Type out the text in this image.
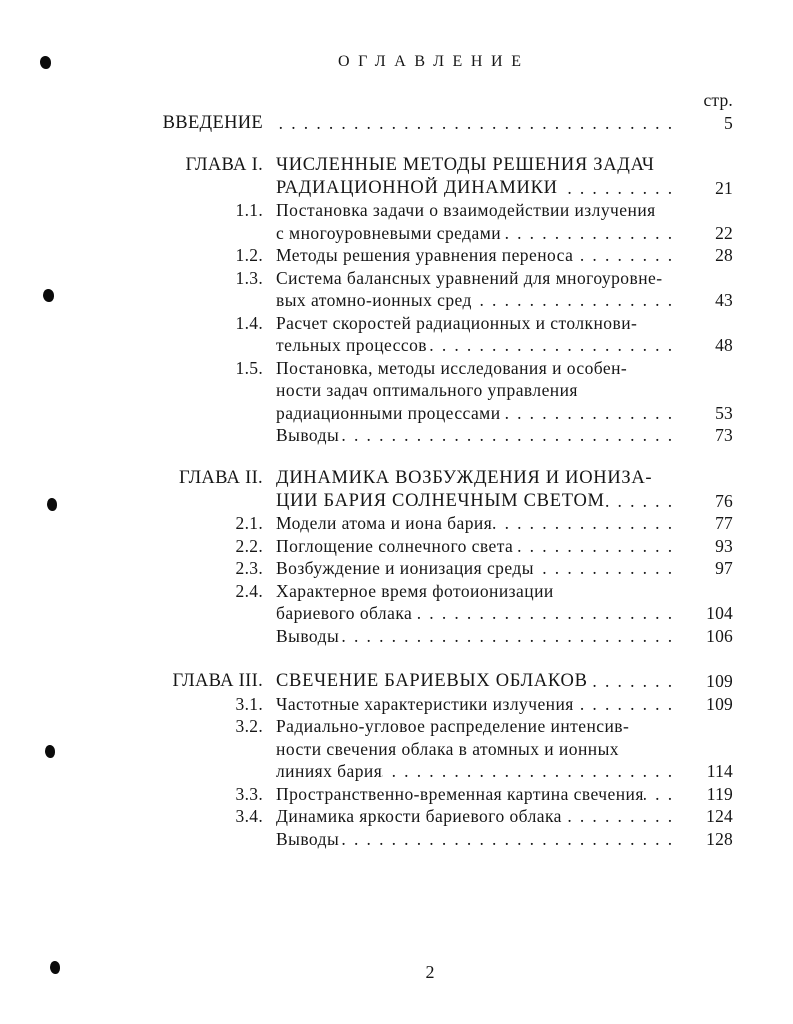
ОГЛАВЛЕНИЕ
стр.
ВВЕДЕНИЕ . . .	5
ГЛАВА I. ЧИСЛЕННЫЕ МЕТОДЫ РЕШЕНИЯ ЗАДАЧ
РАДИАЦИОННОЙ ДИНАМИКИ . . .	21
1.1. Постановка задачи о взаимодействии излучения
с многоуровневыми средами . . .	22
1.2. Методы решения уравнения переноса . . .	28
1.3. Система балансных уравнений для многоуровне-
вых атомно-ионных сред . . .	43
1.4. Расчет скоростей радиационных и столкнови-
тельных процессов . . .	48
1.5. Постановка, методы исследования и особен-
ности задач оптимального управления
радиационными процессами . . .	53
Выводы . . .	73
ГЛАВА II. ДИНАМИКА ВОЗБУЖДЕНИЯ И ИОНИЗА-
ЦИИ БАРИЯ СОЛНЕЧНЫМ СВЕТОМ . . .	76
2.1. Модели атома и иона бария . . .	77
2.2. Поглощение солнечного света . . .	93
2.3. Возбуждение и ионизация среды . . .	97
2.4. Характерное время фотоионизации
бариевого облака . . .	104
Выводы . . .	106
ГЛАВА III. СВЕЧЕНИЕ БАРИЕВЫХ ОБЛАКОВ . . .	109
3.1. Частотные характеристики излучения . . .	109
3.2. Радиально-угловое распределение интенсив-
ности свечения облака в атомных и ионных
линиях бария . . .	114
3.3. Пространственно-временная картина свечения . . .	119
3.4. Динамика яркости бариевого облака . . .	124
Выводы . . .	128
2
